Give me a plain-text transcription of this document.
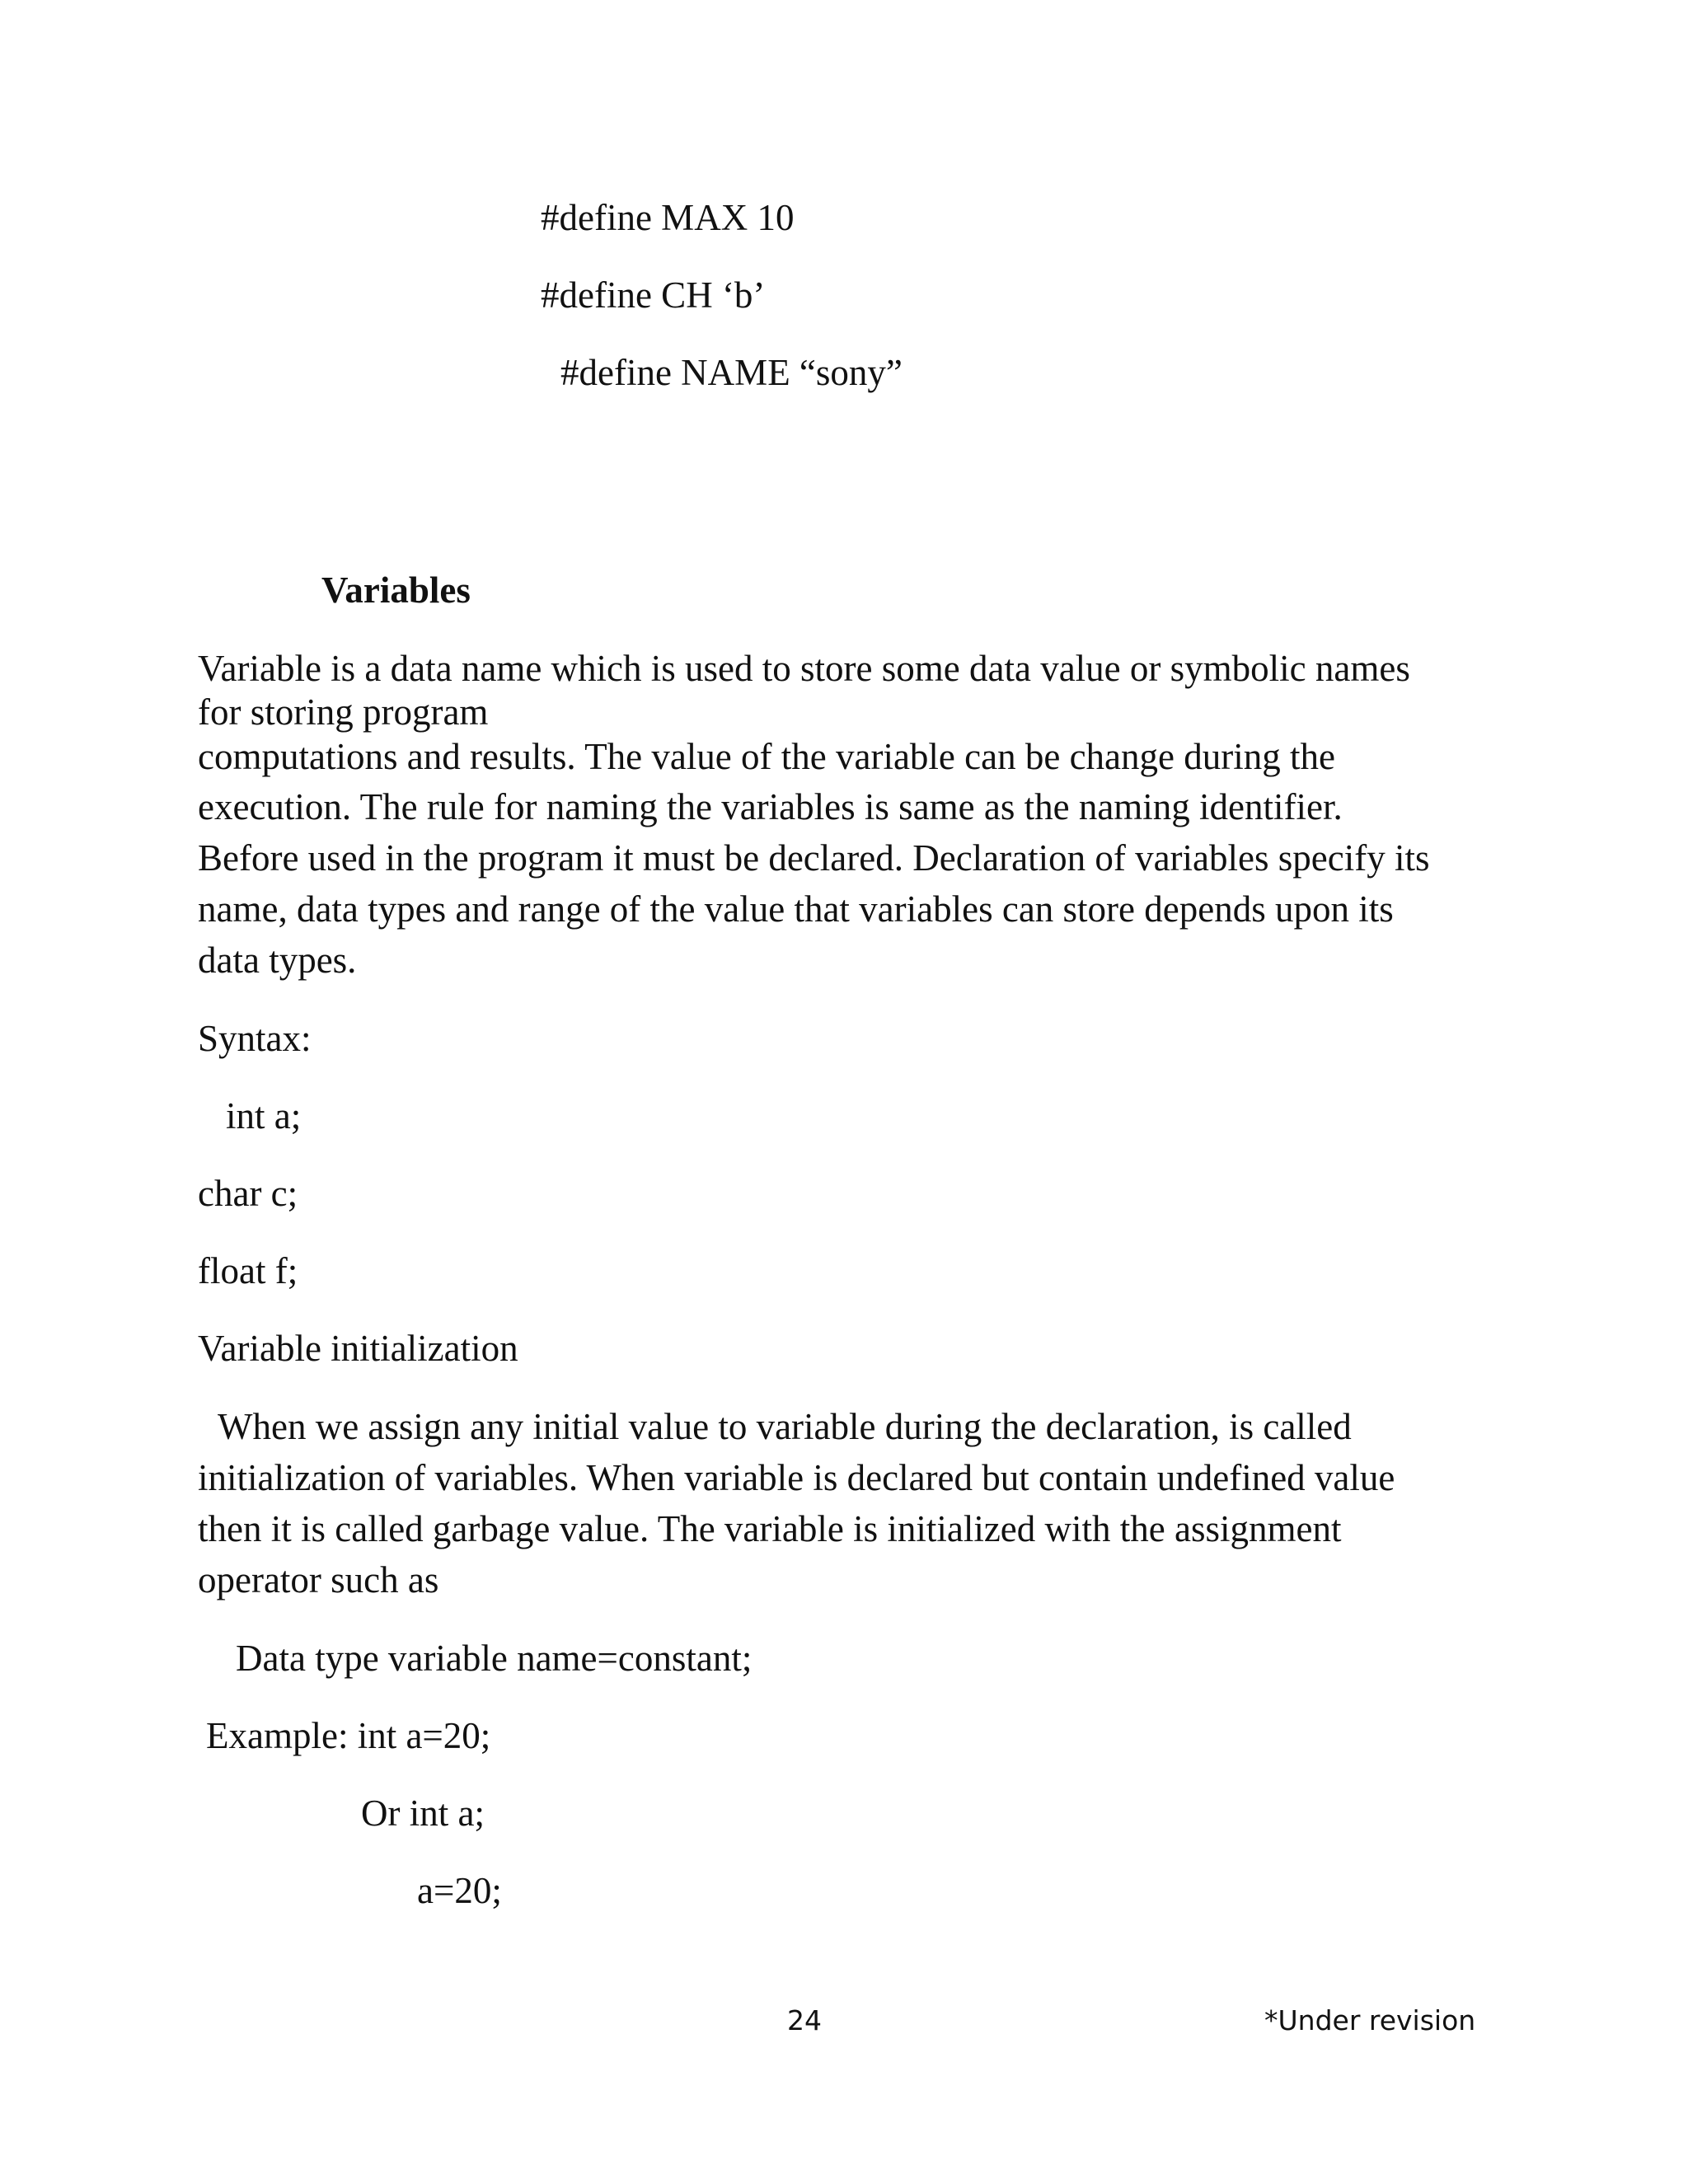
#define MAX 10
#define CH ‘b’
#define NAME “sony”
Variables
Variable is a data name which is used to store some data value or symbolic names
for storing program
computations and results. The value of the variable can be change during the
execution. The rule for naming the variables is same as the naming identifier.
Before used in the program it must be declared. Declaration of variables specify its
name, data types and range of the value that variables can store depends upon its
data types.
Syntax:
int a;
char c;
float f;
Variable initialization
When we assign any initial value to variable during the declaration, is called
initialization of variables. When variable is declared but contain undefined value
then it is called garbage value. The variable is initialized with the assignment
operator such as
Data type variable name=constant;
Example: int a=20;
Or int a;
a=20;
24	*Under revision
